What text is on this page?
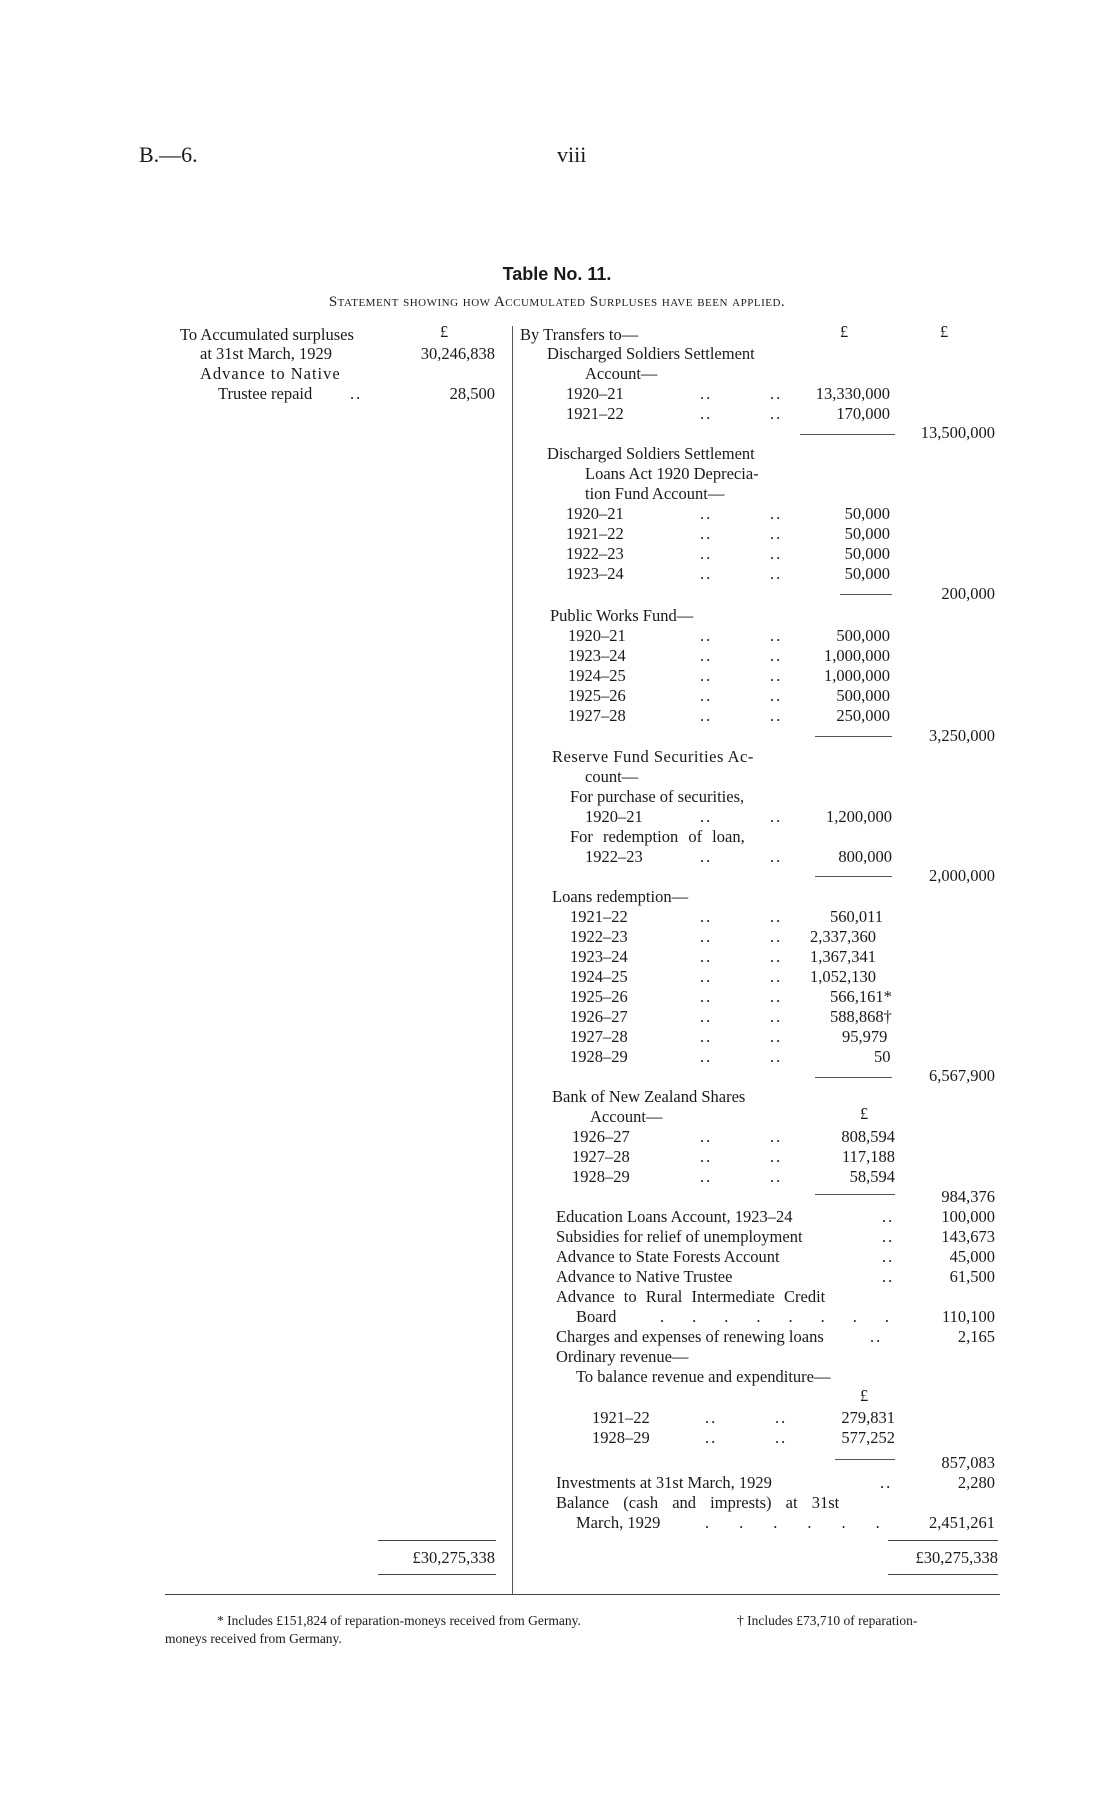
B.—6.	viii
Table No. 11.
Statement showing how Accumulated Surpluses have been applied.
To Accumulated surpluses	£
at 31st March, 1929	30,246,838
Advance to Native
Trustee repaid ..	28,500
£30,275,338
By Transfers to—	£	£
Discharged Soldiers Settlement
Account—
1920–21	..	..	13,330,000
1921–22	..	..	170,000
13,500,000
Discharged Soldiers Settlement
Loans Act 1920 Deprecia-
tion Fund Account—
1920–21	..	..	50,000
1921–22	..	..	50,000
1922–23	..	..	50,000
1923–24	..	..	50,000
200,000
Public Works Fund—
1920–21	..	..	500,000
1923–24	..	..	1,000,000
1924–25	..	..	1,000,000
1925–26	..	..	500,000
1927–28	..	..	250,000
3,250,000
Reserve Fund Securities Ac-
count—
For purchase of securities,
1920–21	..	..	1,200,000
For redemption of loan,
1922–23	..	..	800,000
2,000,000
Loans redemption—
1921–22	..	..	560,011
1922–23	..	..	2,337,360
1923–24	..	..	1,367,341
1924–25	..	..	1,052,130
1925–26	..	..	566,161*
1926–27	..	..	588,868†
1927–28	..	..	95,979
1928–29	..	..	50
6,567,900
Bank of New Zealand Shares
Account—	£
1926–27	..	..	808,594
1927–28	..	..	117,188
1928–29	..	..	58,594
984,376
Education Loans Account, 1923–24	..	100,000
Subsidies for relief of unemployment	..	143,673
Advance to State Forests Account	..	45,000
Advance to Native Trustee	..	61,500
Advance to Rural Intermediate Credit
Board	........	110,100
Charges and expenses of renewing loans	..	2,165
Ordinary revenue—
To balance revenue and expenditure—
£
1921–22	..	..	279,831
1928–29	..	..	577,252
857,083
Investments at 31st March, 1929	..	2,280
Balance (cash and imprests) at 31st
March, 1929	......	2,451,261
£30,275,338
* Includes £151,824 of reparation-moneys received from Germany.	† Includes £73,710 of reparation-
moneys received from Germany.
